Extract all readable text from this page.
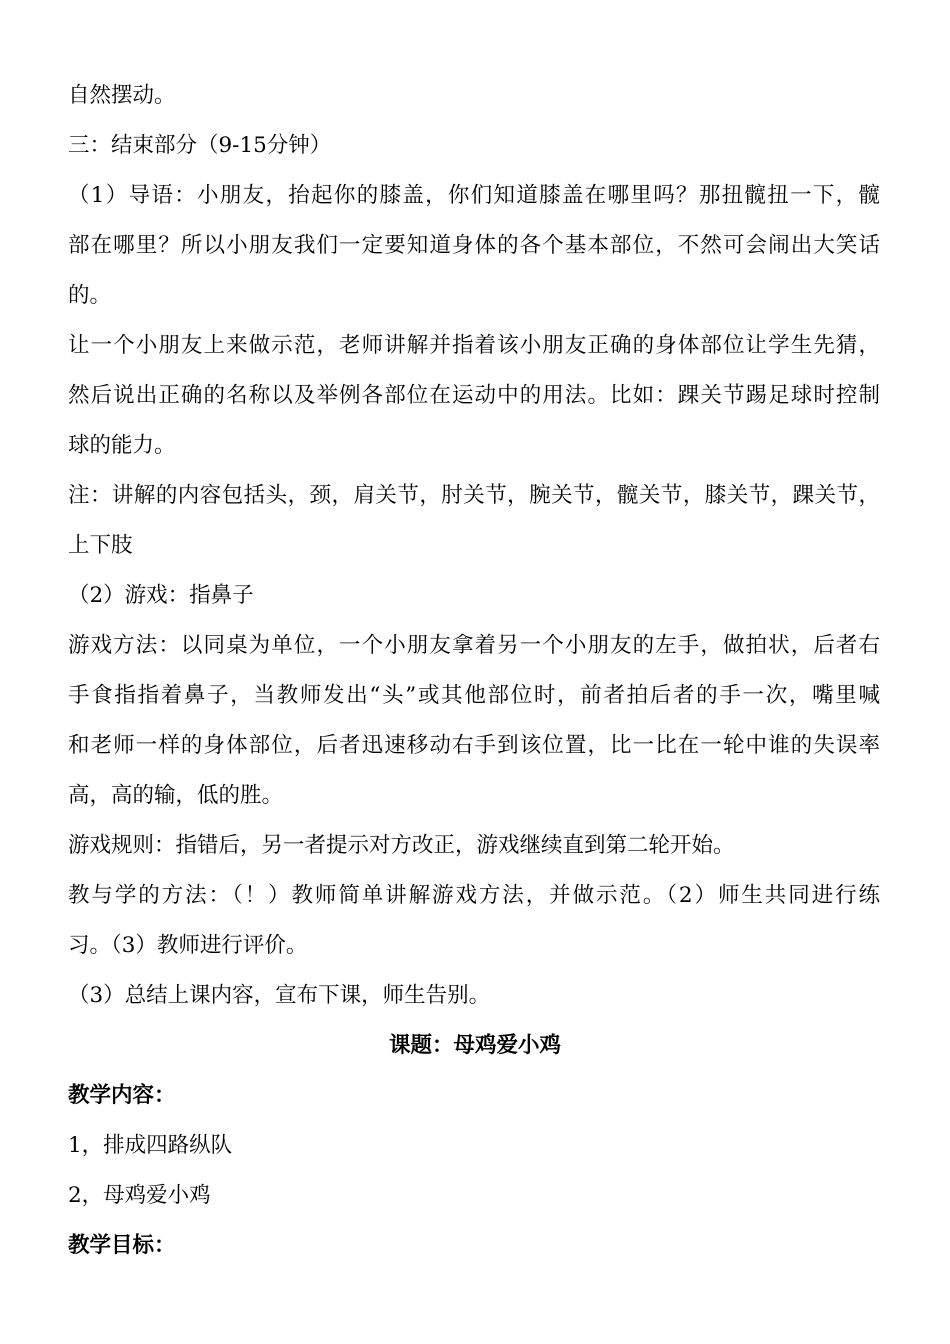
自然摆动。
三：结束部分（9-15分钟）
（1）导语：小朋友，抬起你的膝盖，你们知道膝盖在哪里吗？那扭髋扭一下，髋
部在哪里？所以小朋友我们一定要知道身体的各个基本部位，不然可会闹出大笑话
的。
让一个小朋友上来做示范，老师讲解并指着该小朋友正确的身体部位让学生先猜，
然后说出正确的名称以及举例各部位在运动中的用法。比如：踝关节踢足球时控制
球的能力。
注：讲解的内容包括头，颈，肩关节，肘关节，腕关节，髋关节，膝关节，踝关节，
上下肢
（2）游戏：指鼻子
游戏方法：以同桌为单位，一个小朋友拿着另一个小朋友的左手，做拍状，后者右
手食指指着鼻子，当教师发出“头”或其他部位时，前者拍后者的手一次，嘴里喊
和老师一样的身体部位，后者迅速移动右手到该位置，比一比在一轮中谁的失误率
高，高的输，低的胜。
游戏规则：指错后，另一者提示对方改正，游戏继续直到第二轮开始。
教与学的方法：（！）教师简单讲解游戏方法，并做示范。（2）师生共同进行练
习。（3）教师进行评价。
（3）总结上课内容，宣布下课，师生告别。
课题：母鸡爱小鸡
教学内容：
1，排成四路纵队
2，母鸡爱小鸡
教学目标：
